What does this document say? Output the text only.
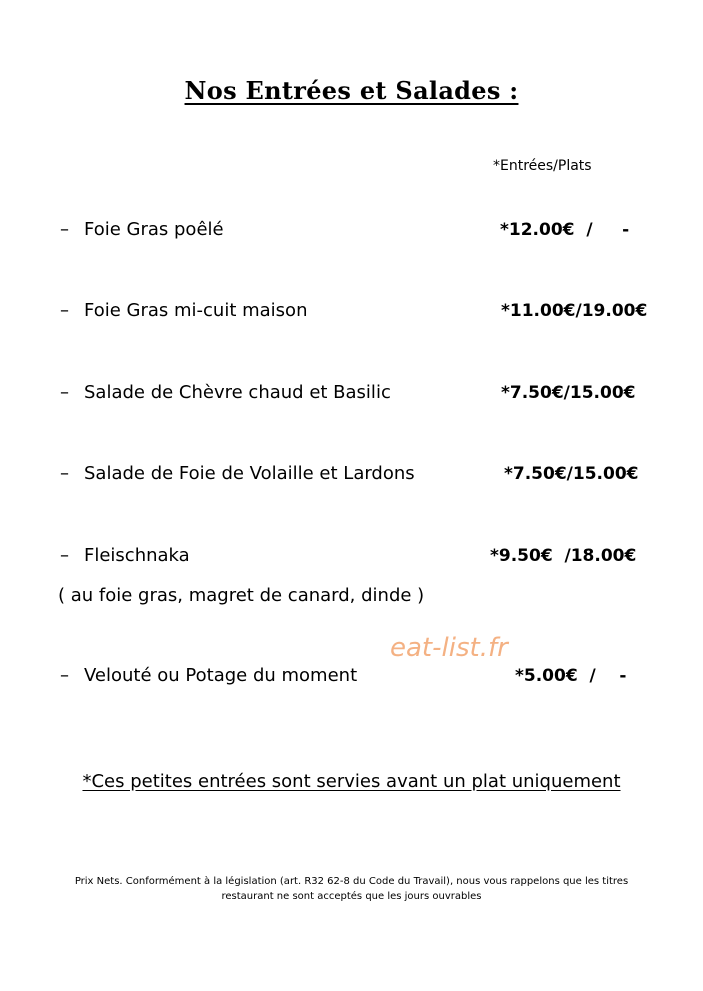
Nos Entrées et Salades :
*Entrées/Plats
– Foie Gras poêlé	*12.00€  /     -
– Foie Gras mi-cuit maison	*11.00€/19.00€
– Salade de Chèvre chaud et Basilic	*7.50€/15.00€
– Salade de Foie de Volaille et Lardons	*7.50€/15.00€
– Fleischnaka	*9.50€  /18.00€
( au foie gras, magret de canard, dinde )
eat-list.fr
– Velouté ou Potage du moment	*5.00€  /    -
*Ces petites entrées sont servies avant un plat uniquement
Prix Nets. Conformément à la législation (art. R32 62-8 du Code du Travail), nous vous rappelons que les titres
restaurant ne sont acceptés que les jours ouvrables
